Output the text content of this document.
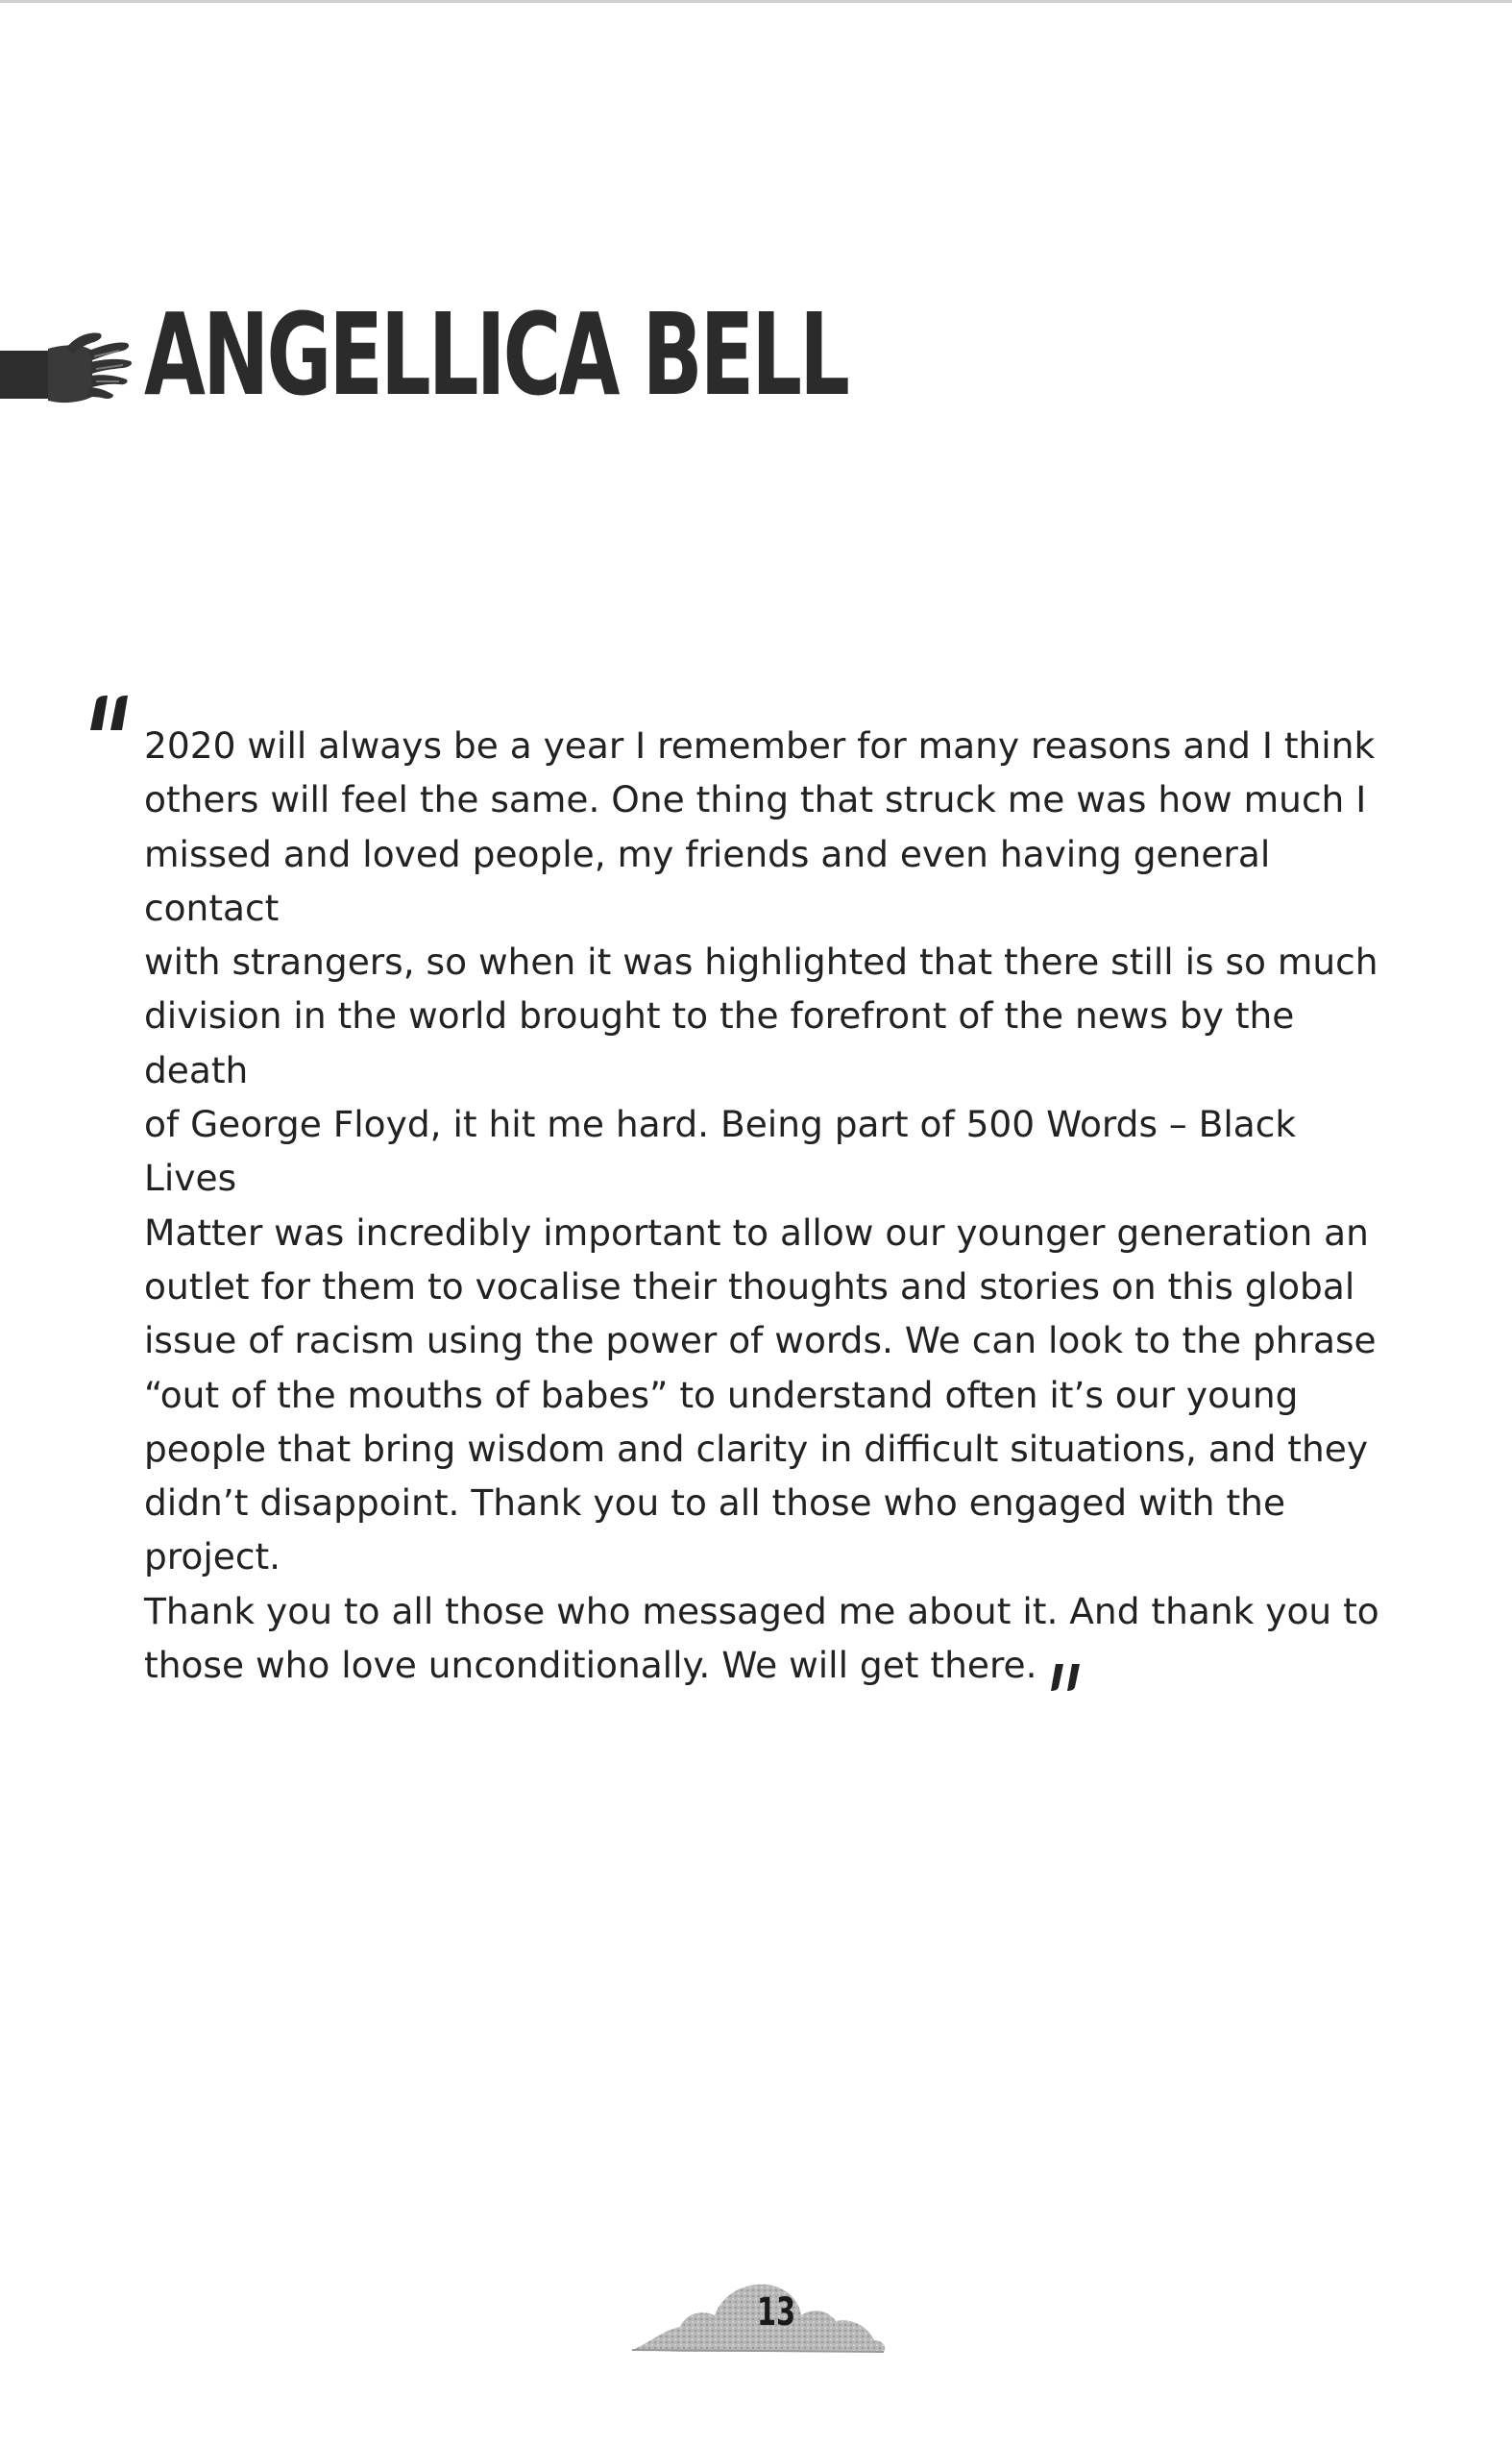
ANGELLICA BELL

2020 will always be a year I remember for many reasons and I think
others will feel the same. One thing that struck me was how much I
missed and loved people, my friends and even having general contact
with strangers, so when it was highlighted that there still is so much
division in the world brought to the forefront of the news by the death
of George Floyd, it hit me hard. Being part of 500 Words – Black Lives
Matter was incredibly important to allow our younger generation an
outlet for them to vocalise their thoughts and stories on this global
issue of racism using the power of words. We can look to the phrase
“out of the mouths of babes” to understand often it’s our young
people that bring wisdom and clarity in difficult situations, and they
didn’t disappoint. Thank you to all those who engaged with the project.
Thank you to all those who messaged me about it. And thank you to
those who love unconditionally. We will get there.

13
